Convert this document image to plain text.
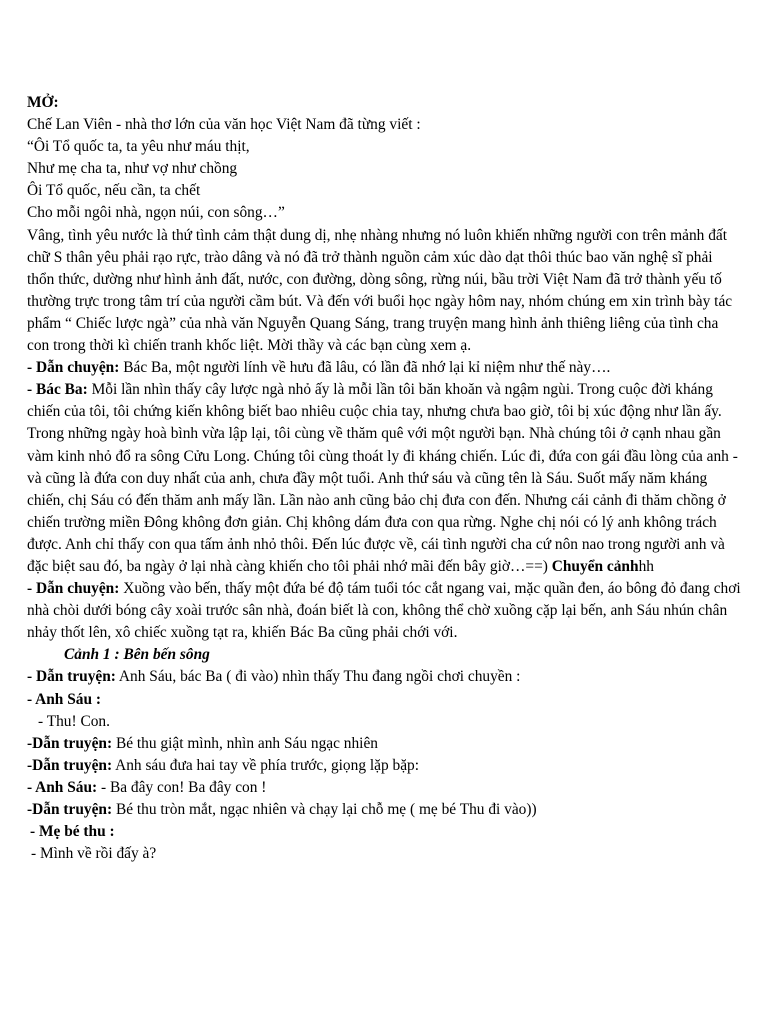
MỞ:

Chế Lan Viên - nhà thơ lớn của văn học Việt Nam đã từng viết :

“Ôi Tổ quốc ta, ta yêu như máu thịt,

Như mẹ cha ta, như vợ như chồng

Ôi Tổ quốc, nếu cần, ta chết

Cho mỗi ngôi nhà, ngọn núi, con sông…”

Vâng, tình yêu nước là thứ tình cảm thật dung dị, nhẹ nhàng nhưng nó luôn khiến những người con trên mảnh đất chữ S thân yêu phải rạo rực, trào dâng và nó đã trở thành nguồn cảm xúc dào dạt thôi thúc bao văn nghệ sĩ phải thổn thức, dường như hình ảnh đất, nước, con đường, dòng sông, rừng núi, bầu trời Việt Nam đã trở thành yếu tố thường trực trong tâm trí của người cầm bút. Và đến với buổi học ngày hôm nay, nhóm chúng em xin trình bày tác phẩm “ Chiếc lược ngà” của nhà văn Nguyễn Quang Sáng, trang truyện mang hình ảnh thiêng liêng của tình cha con trong thời kì chiến tranh khốc liệt. Mời thầy và các bạn cùng xem ạ.

- Dẫn chuyện: Bác Ba, một người lính về hưu đã lâu, có lần đã nhớ lại kỉ niệm như thế này….

- Bác Ba: Mỗi lần nhìn thấy cây lược ngà nhỏ ấy là mỗi lần tôi băn khoăn và ngậm ngùi. Trong cuộc đời kháng chiến của tôi, tôi chứng kiến không biết bao nhiêu cuộc chia tay, nhưng chưa bao giờ, tôi bị xúc động như lần ấy. Trong những ngày hoà bình vừa lập lại, tôi cùng về thăm quê với một người bạn. Nhà chúng tôi ở cạnh nhau gần vàm kinh nhỏ đổ ra sông Cửu Long. Chúng tôi cùng thoát ly đi kháng chiến. Lúc đi, đứa con gái đầu lòng của anh - và cũng là đứa con duy nhất của anh, chưa đầy một tuổi. Anh thứ sáu và cũng tên là Sáu. Suốt mấy năm kháng chiến, chị Sáu có đến thăm anh mấy lần. Lần nào anh cũng bảo chị đưa con đến. Nhưng cái cảnh đi thăm chồng ở chiến trường miền Đông không đơn giản. Chị không dám đưa con qua rừng. Nghe chị nói có lý anh không trách được. Anh chỉ thấy con qua tấm ảnh nhỏ thôi. Đến lúc được về, cái tình người cha cứ nôn nao trong người anh và đặc biệt sau đó, ba ngày ở lại nhà càng khiến cho tôi phải nhớ mãi đến bây giờ…==) Chuyển cảnhhh

- Dẫn chuyện: Xuồng vào bến, thấy một đứa bé độ tám tuổi tóc cắt ngang vai, mặc quần đen, áo bông đỏ đang chơi nhà chòi dưới bóng cây xoài trước sân nhà, đoán biết là con, không thể chờ xuồng cặp lại bến, anh Sáu nhún chân nhảy thốt lên, xô chiếc xuồng tạt ra, khiến Bác Ba cũng phải chới với.

Cảnh 1 : Bên bến sông

- Dẫn truyện: Anh Sáu, bác Ba ( đi vào) nhìn thấy Thu đang ngồi chơi chuyền :

- Anh Sáu :

- Thu! Con.

-Dẫn truyện: Bé thu giật mình, nhìn anh Sáu ngạc nhiên

-Dẫn truyện: Anh sáu đưa hai tay về phía trước, giọng lặp bặp:

- Anh Sáu: - Ba đây con! Ba đây con !

-Dẫn truyện: Bé thu tròn mắt, ngạc nhiên và chạy lại chỗ mẹ ( mẹ bé Thu đi vào))

- Mẹ bé thu :

- Mình về rồi đấy à?
